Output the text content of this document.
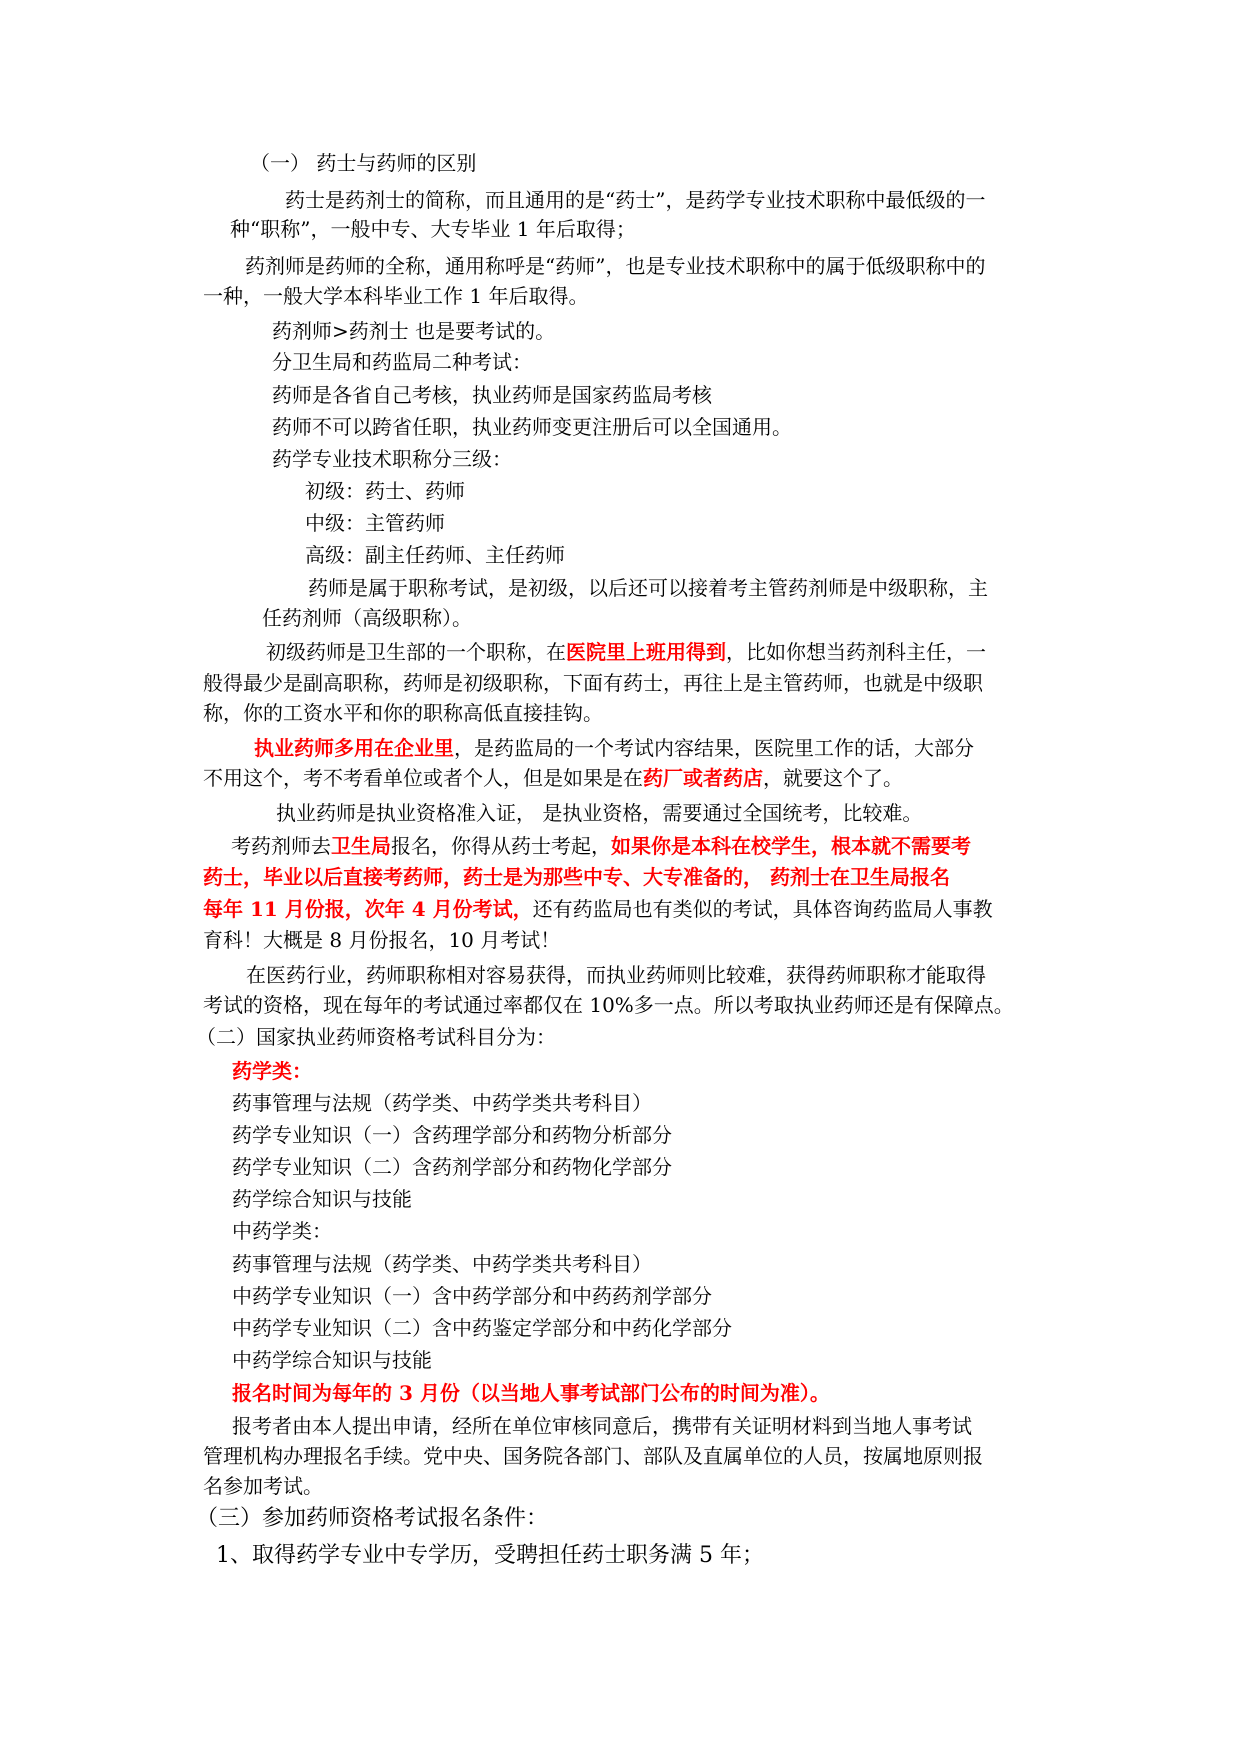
（一） 药士与药师的区别
药士是药剂士的简称，而且通用的是“药士”，是药学专业技术职称中最低级的一
种“职称”，一般中专、大专毕业 1 年后取得；
药剂师是药师的全称，通用称呼是“药师”，也是专业技术职称中的属于低级职称中的
一种，一般大学本科毕业工作 1 年后取得。
药剂师>药剂士 也是要考试的。
分卫生局和药监局二种考试：
药师是各省自己考核，执业药师是国家药监局考核
药师不可以跨省任职，执业药师变更注册后可以全国通用。
药学专业技术职称分三级：
初级：药士、药师
中级：主管药师
高级：副主任药师、主任药师
药师是属于职称考试，是初级，以后还可以接着考主管药剂师是中级职称，主
任药剂师（高级职称）。
初级药师是卫生部的一个职称，在医院里上班用得到，比如你想当药剂科主任，一
般得最少是副高职称，药师是初级职称，下面有药士，再往上是主管药师，也就是中级职
称，你的工资水平和你的职称高低直接挂钩。
执业药师多用在企业里，是药监局的一个考试内容结果，医院里工作的话，大部分
不用这个，考不考看单位或者个人，但是如果是在药厂或者药店，就要这个了。
执业药师是执业资格准入证， 是执业资格，需要通过全国统考，比较难。
考药剂师去卫生局报名，你得从药士考起，如果你是本科在校学生，根本就不需要考
药士，毕业以后直接考药师，药士是为那些中专、大专准备的， 药剂士在卫生局报名
每年 11 月份报，次年 4 月份考试，还有药监局也有类似的考试，具体咨询药监局人事教
育科！大概是 8 月份报名，10 月考试！
在医药行业，药师职称相对容易获得，而执业药师则比较难，获得药师职称才能取得
考试的资格，现在每年的考试通过率都仅在 10%多一点。所以考取执业药师还是有保障点。
（二）国家执业药师资格考试科目分为：
药学类：
药事管理与法规（药学类、中药学类共考科目）
药学专业知识（一）含药理学部分和药物分析部分
药学专业知识（二）含药剂学部分和药物化学部分
药学综合知识与技能
中药学类：
药事管理与法规（药学类、中药学类共考科目）
中药学专业知识（一）含中药学部分和中药药剂学部分
中药学专业知识（二）含中药鉴定学部分和中药化学部分
中药学综合知识与技能
报名时间为每年的 3 月份（以当地人事考试部门公布的时间为准）。
报考者由本人提出申请，经所在单位审核同意后，携带有关证明材料到当地人事考试
管理机构办理报名手续。党中央、国务院各部门、部队及直属单位的人员，按属地原则报
名参加考试。
（三）参加药师资格考试报名条件：
1、取得药学专业中专学历，受聘担任药士职务满 5 年；
